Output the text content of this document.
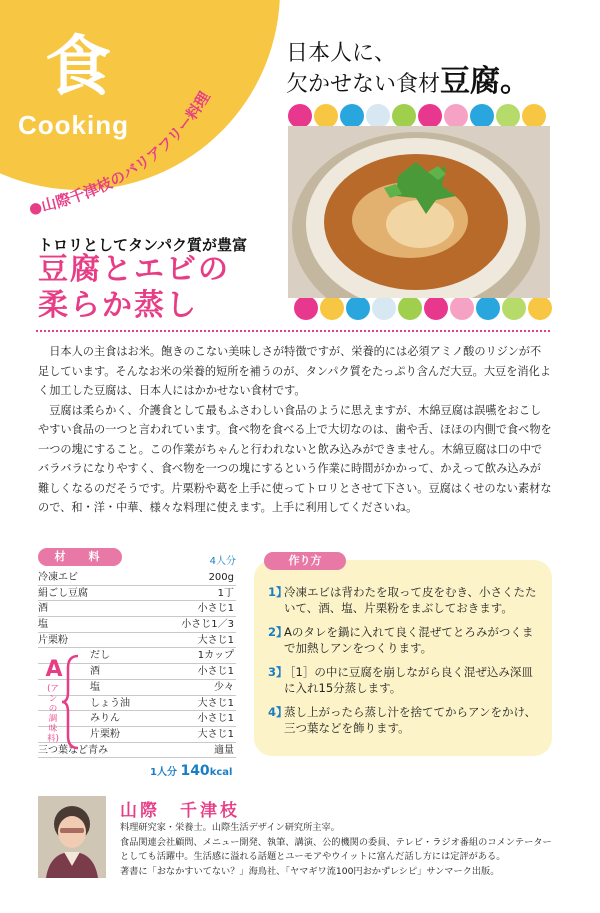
食
Cooking
●山際千津枝のバリアフリー料理
日本人に、
欠かせない食材豆腐。
トロリとしてタンパク質が豊富
豆腐とエビの
柔らか蒸し

日本人の主食はお米。飽きのこない美味しさが特徴ですが、栄養的には必須アミノ酸のリジンが不足しています。そんなお米の栄養的短所を補うのが、タンパク質をたっぷり含んだ大豆。大豆を消化よく加工した豆腐は、日本人にはかかせない食材です。

豆腐は柔らかく、介護食として最もふさわしい食品のように思えますが、木綿豆腐は誤嚥をおこしやすい食品の一つと言われています。食べ物を食べる上で大切なのは、歯や舌、ほほの内側で食べ物を一つの塊にすること。この作業がちゃんと行われないと飲み込みができません。木綿豆腐は口の中でバラバラになりやすく、食べ物を一つの塊にするという作業に時間がかかって、かえって飲み込みが難しくなるのだそうです。片栗粉や葛を上手に使ってトロリとさせて下さい。豆腐はくせのない素材なので、和・洋・中華、様々な料理に使えます。上手に利用してくださいね。

材　料	4人分
冷凍エビ	200g
絹ごし豆腐	1丁
酒	小さじ1
塩	小さじ1／3
片栗粉	大さじ1
だし	1カップ
酒	小さじ1
塩	少々
しょう油	大さじ1
みりん	小さじ1
片栗粉	大さじ1
三つ葉など青み	適量
A
(アンの調味料)
1人分 140kcal
作り方
1】
冷凍エビは背わたを取って皮をむき、小さくたたいて、酒、塩、片栗粉をまぶしておきます。
2】
Aのタレを鍋に入れて良く混ぜてとろみがつくまで加熱しアンをつくります。
3】
［1］の中に豆腐を崩しながら良く混ぜ込み深皿に入れ15分蒸します。
4】
蒸し上がったら蒸し汁を捨ててからアンをかけ、三つ葉などを飾ります。
山際　千津枝
料理研究家・栄養士。山際生活デザイン研究所主宰。
食品関連会社顧問、メニュー開発、執筆、講演、公的機関の委員、テレビ・ラジオ番組のコメンテーターとしても活躍中。生活感に溢れる話題とユーモアやウイットに富んだ話し方には定評がある。
著書に「おなかすいてない？」海鳥社、「ヤマギワ流100円おかずレシピ」サンマーク出版。
